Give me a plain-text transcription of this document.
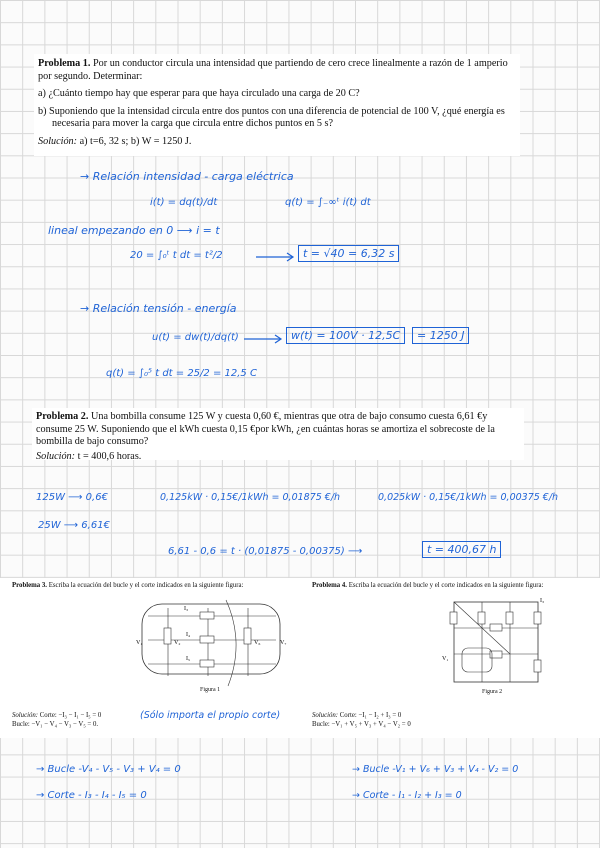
Problema 1. Por un conductor circula una intensidad que partiendo de cero crece linealmente a razón de 1 amperio por segundo. Determinar:

a) ¿Cuánto tiempo hay que esperar para que haya circulado una carga de 20 C?

b) Suponiendo que la intensidad circula entre dos puntos con una diferencia de potencial de 100 V, ¿qué energía es necesaria para mover la carga que circula entre dichos puntos en 5 s?

Solución: a) t=6, 32 s; b) W = 1250 J.

→ Relación intensidad - carga eléctrica
i(t) = dq(t)/dt	q(t) = ∫₋∞ᵗ i(t) dt
lineal empezando en 0 ⟶ i = t
20 = ∫₀ᵗ t dt = t²/2	t = √40 = 6,32 s
→ Relación tensión - energía
u(t) = dw(t)/dq(t)	w(t) = 100V · 12,5C	= 1250 J
q(t) = ∫₀⁵ t dt = 25/2 = 12,5 C

Problema 2. Una bombilla consume 125 W y cuesta 0,60 €, mientras que otra de bajo consumo cuesta 6,61 €y consume 25 W. Suponiendo que el kWh cuesta 0,15 €por kWh, ¿en cuántas horas se amortiza el sobrecoste de la bombilla de bajo consumo?

Solución: t = 400,6 horas.

125W ⟶ 0,6€	0,125kW · 0,15€/1kWh = 0,01875 €/h	0,025kW · 0,15€/1kWh = 0,00375 €/h
25W ⟶ 6,61€
6,61 - 0,6 = t · (0,01875 - 0,00375) ⟶	t = 400,67 h
Problema 3. Escriba la ecuación del bucle y el corte indicados en la siguiente figura:	Problema 4. Escriba la ecuación del bucle y el corte indicados en la siguiente figura:
I₃
I₄
I₅
V₁	V₂	V₆	V₇
Figura 1
V₁
I₃
Figura 2
Solución: Corte: −I₃ − I₁ − I₅ = 0
Bucle: −V₁ − V₄ − V₃ − V₅ = 0.
(Sólo importa el propio corte)	Solución: Corte: −I₁ − I₂ + I₃ = 0
Bucle: −V₁ + V₅ + V₃ + V₄ − V₂ = 0
→ Bucle -V₄ - V₅ - V₃ + V₄ = 0
→ Corte - I₃ - I₄ - I₅ = 0
→ Bucle -V₁ + V₆ + V₃ + V₄ - V₂ = 0
→ Corte - I₁ - I₂ + I₃ = 0
